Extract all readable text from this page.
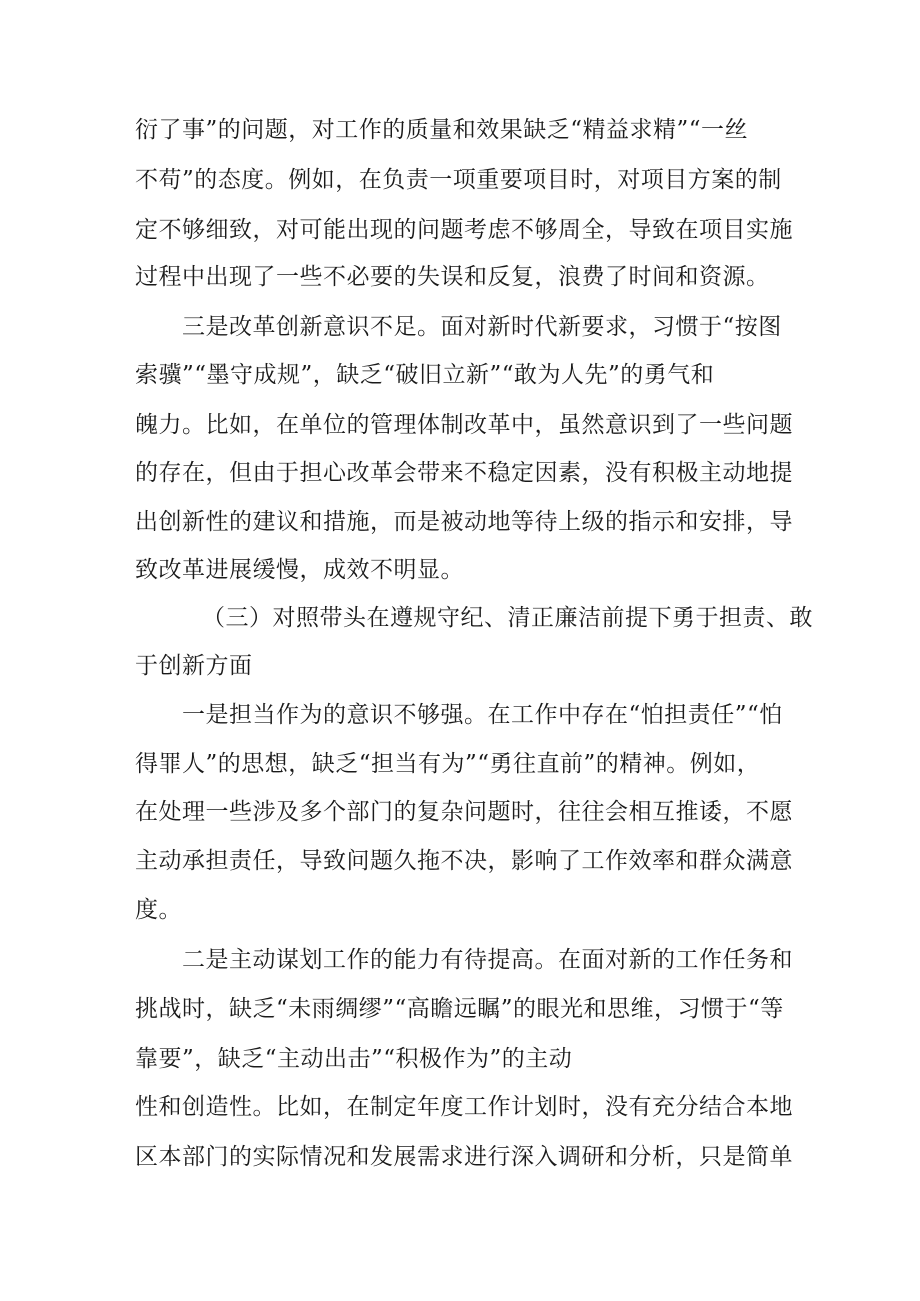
衍了事”的问题，对工作的质量和效果缺乏“精益求精”“一丝
不苟”的态度。例如，在负责一项重要项目时，对项目方案的制
定不够细致，对可能出现的问题考虑不够周全，导致在项目实施
过程中出现了一些不必要的失误和反复，浪费了时间和资源。
三是改革创新意识不足。面对新时代新要求，习惯于“按图
索骥”“墨守成规”，缺乏“破旧立新”“敢为人先”的勇气和
魄力。比如，在单位的管理体制改革中，虽然意识到了一些问题
的存在，但由于担心改革会带来不稳定因素，没有积极主动地提
出创新性的建议和措施，而是被动地等待上级的指示和安排，导
致改革进展缓慢，成效不明显。
（三）对照带头在遵规守纪、清正廉洁前提下勇于担责、敢
于创新方面
一是担当作为的意识不够强。在工作中存在“怕担责任”“怕
得罪人”的思想，缺乏“担当有为”“勇往直前”的精神。例如，
在处理一些涉及多个部门的复杂问题时，往往会相互推诿，不愿
主动承担责任，导致问题久拖不决，影响了工作效率和群众满意
度。
二是主动谋划工作的能力有待提高。在面对新的工作任务和
挑战时，缺乏“未雨绸缪”“高瞻远瞩”的眼光和思维，习惯于“等
靠要”，缺乏“主动出击”“积极作为”的主动
性和创造性。比如，在制定年度工作计划时，没有充分结合本地
区本部门的实际情况和发展需求进行深入调研和分析，只是简单
